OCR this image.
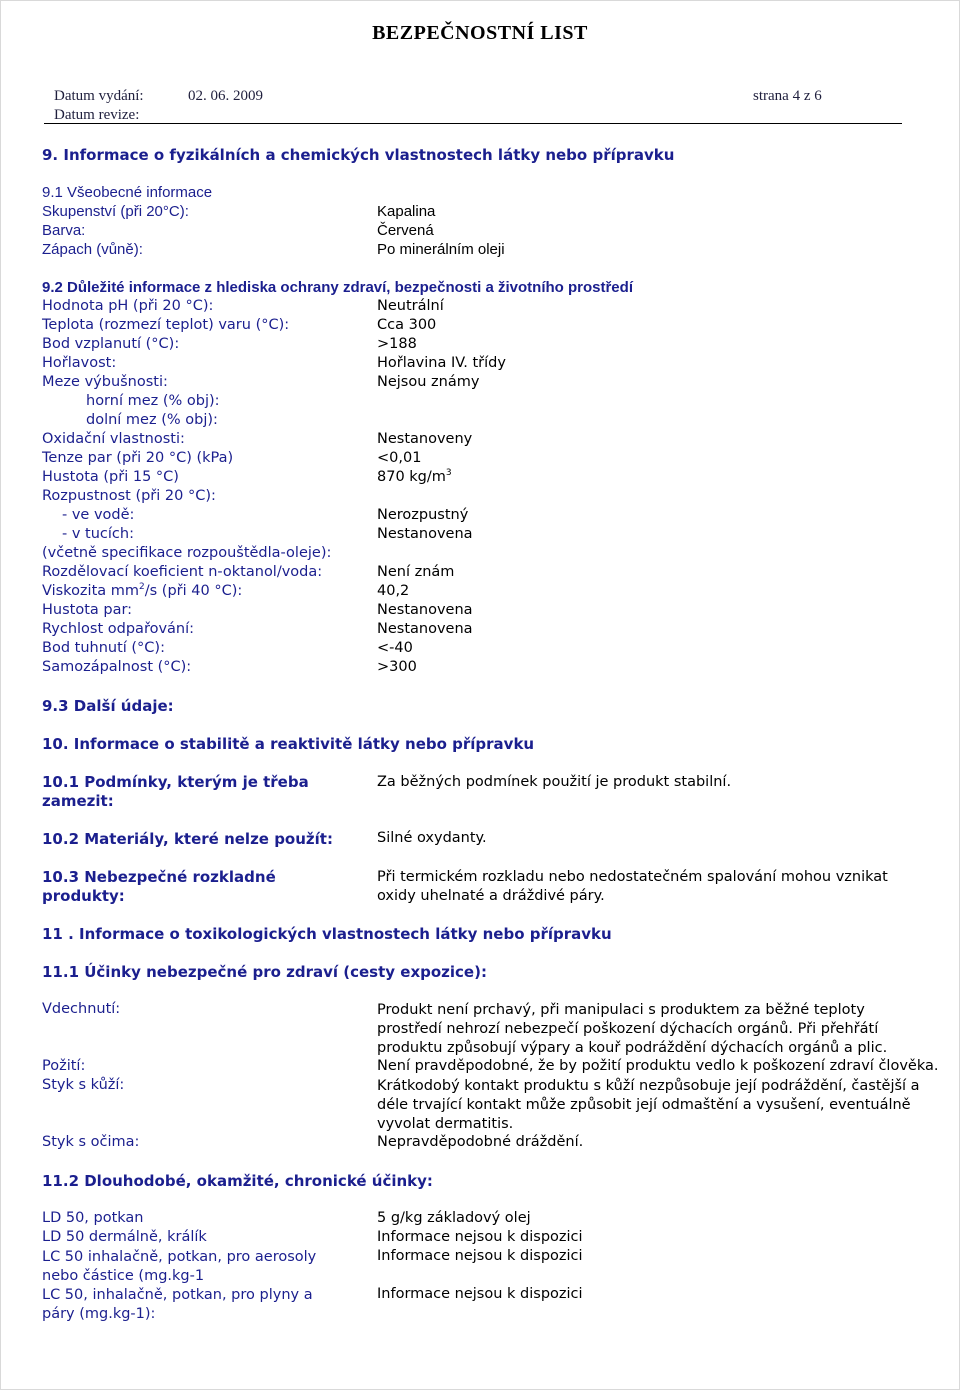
BEZPEČNOSTNÍ LIST
Datum vydání:	02. 06. 2009	strana 4 z 6
Datum revize:
9. Informace o fyzikálních a chemických vlastnostech látky nebo přípravku
9.1 Všeobecné informace
Skupenství (při 20°C):	Kapalina
Barva:	Červená
Zápach (vůně):	Po minerálním oleji
9.2 Důležité informace z hlediska ochrany zdraví, bezpečnosti a životního prostředí
Hodnota pH (při 20 °C):	Neutrální
Teplota (rozmezí teplot) varu (°C):	Cca 300
Bod vzplanutí (°C):	>188
Hořlavost:	Hořlavina IV. třídy
Meze výbušnosti:	Nejsou známy
horní mez (% obj):
dolní mez (% obj):
Oxidační vlastnosti:	Nestanoveny
Tenze par (při 20 °C) (kPa)	<0,01
Hustota (při 15 °C)	870 $kg/m^3$
Rozpustnost (při 20 °C):
- ve vodě:	Nerozpustný
- v tucích:	Nestanovena
(včetně specifikace rozpouštědla-oleje):
Rozdělovací koeficient n-oktanol/voda:	Není znám
Viskozita $mm^2/s$ (při 40 °C):	40,2
Hustota par:	Nestanovena
Rychlost odpařování:	Nestanovena
Bod tuhnutí (°C):	<-40
Samozápalnost (°C):	>300
9.3 Další údaje:
10. Informace o stabilitě a reaktivitě látky nebo přípravku
10.1 Podmínky, kterým je třeba zamezit:
Za běžných podmínek použití je produkt stabilní.
10.2 Materiály, které nelze použít:	Silné oxydanty.
10.3 Nebezpečné rozkladné produkty:
Při termickém rozkladu nebo nedostatečném spalování mohou vznikat oxidy uhelnaté a dráždivé páry.
11 . Informace o toxikologických vlastnostech látky nebo přípravku
11.1 Účinky nebezpečné pro zdraví (cesty expozice):
Vdechnutí:	Produkt není prchavý, při manipulaci s produktem za běžné teploty prostředí nehrozí nebezpečí poškození dýchacích orgánů. Při přehřátí produktu způsobují výpary a kouř podráždění dýchacích orgánů a plic.
Požití:	Není pravděpodobné, že by požití produktu vedlo k poškození zdraví člověka.
Styk s kůží:	Krátkodobý kontakt produktu s kůží nezpůsobuje její podráždění, častější a déle trvající kontakt může způsobit její odmaštění a vysušení, eventuálně vyvolat dermatitis.
Styk s očima:	Nepravděpodobné dráždění.
11.2 Dlouhodobé, okamžité, chronické účinky:
LD 50, potkan	5 g/kg základový olej
LD 50 dermálně, králík	Informace nejsou k dispozici
LC 50 inhalačně, potkan, pro aerosoly nebo částice (mg.kg-1
Informace nejsou k dispozici
LC 50, inhalačně, potkan, pro plyny a páry (mg.kg-1):
Informace nejsou k dispozici
